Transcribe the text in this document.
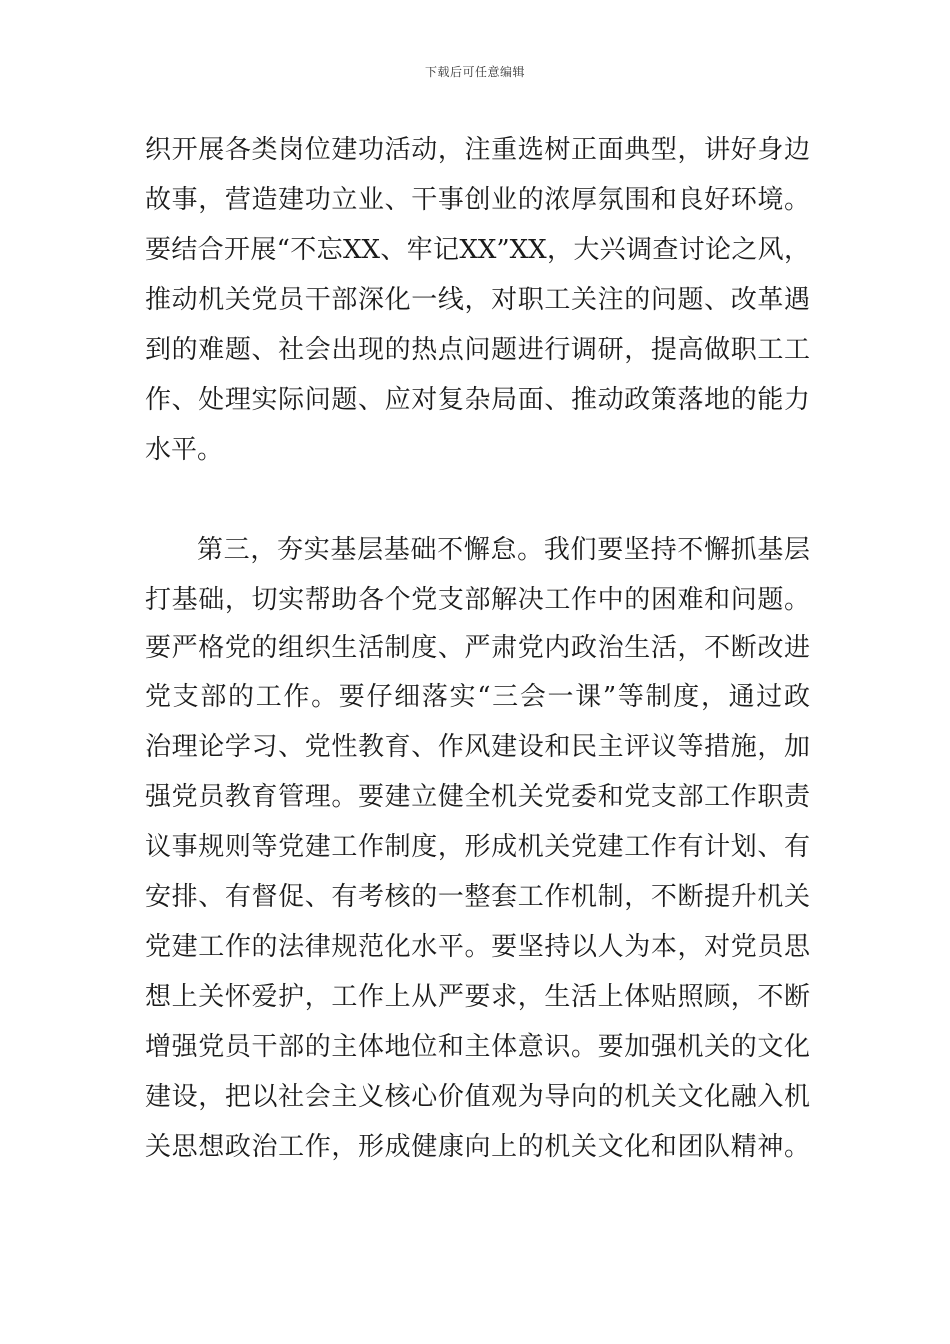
下载后可任意编辑
织开展各类岗位建功活动，注重选树正面典型，讲好身边
故事，营造建功立业、干事创业的浓厚氛围和良好环境。
要结合开展“不忘XX、牢记XX”XX，大兴调查讨论之风，
推动机关党员干部深化一线，对职工关注的问题、改革遇
到的难题、社会出现的热点问题进行调研，提高做职工工
作、处理实际问题、应对复杂局面、推动政策落地的能力
水平。
第三，夯实基层基础不懈怠。我们要坚持不懈抓基层
打基础，切实帮助各个党支部解决工作中的困难和问题。
要严格党的组织生活制度、严肃党内政治生活，不断改进
党支部的工作。要仔细落实“三会一课”等制度，通过政
治理论学习、党性教育、作风建设和民主评议等措施，加
强党员教育管理。要建立健全机关党委和党支部工作职责
议事规则等党建工作制度，形成机关党建工作有计划、有
安排、有督促、有考核的一整套工作机制，不断提升机关
党建工作的法律规范化水平。要坚持以人为本，对党员思
想上关怀爱护，工作上从严要求，生活上体贴照顾，不断
增强党员干部的主体地位和主体意识。要加强机关的文化
建设，把以社会主义核心价值观为导向的机关文化融入机
关思想政治工作，形成健康向上的机关文化和团队精神。
